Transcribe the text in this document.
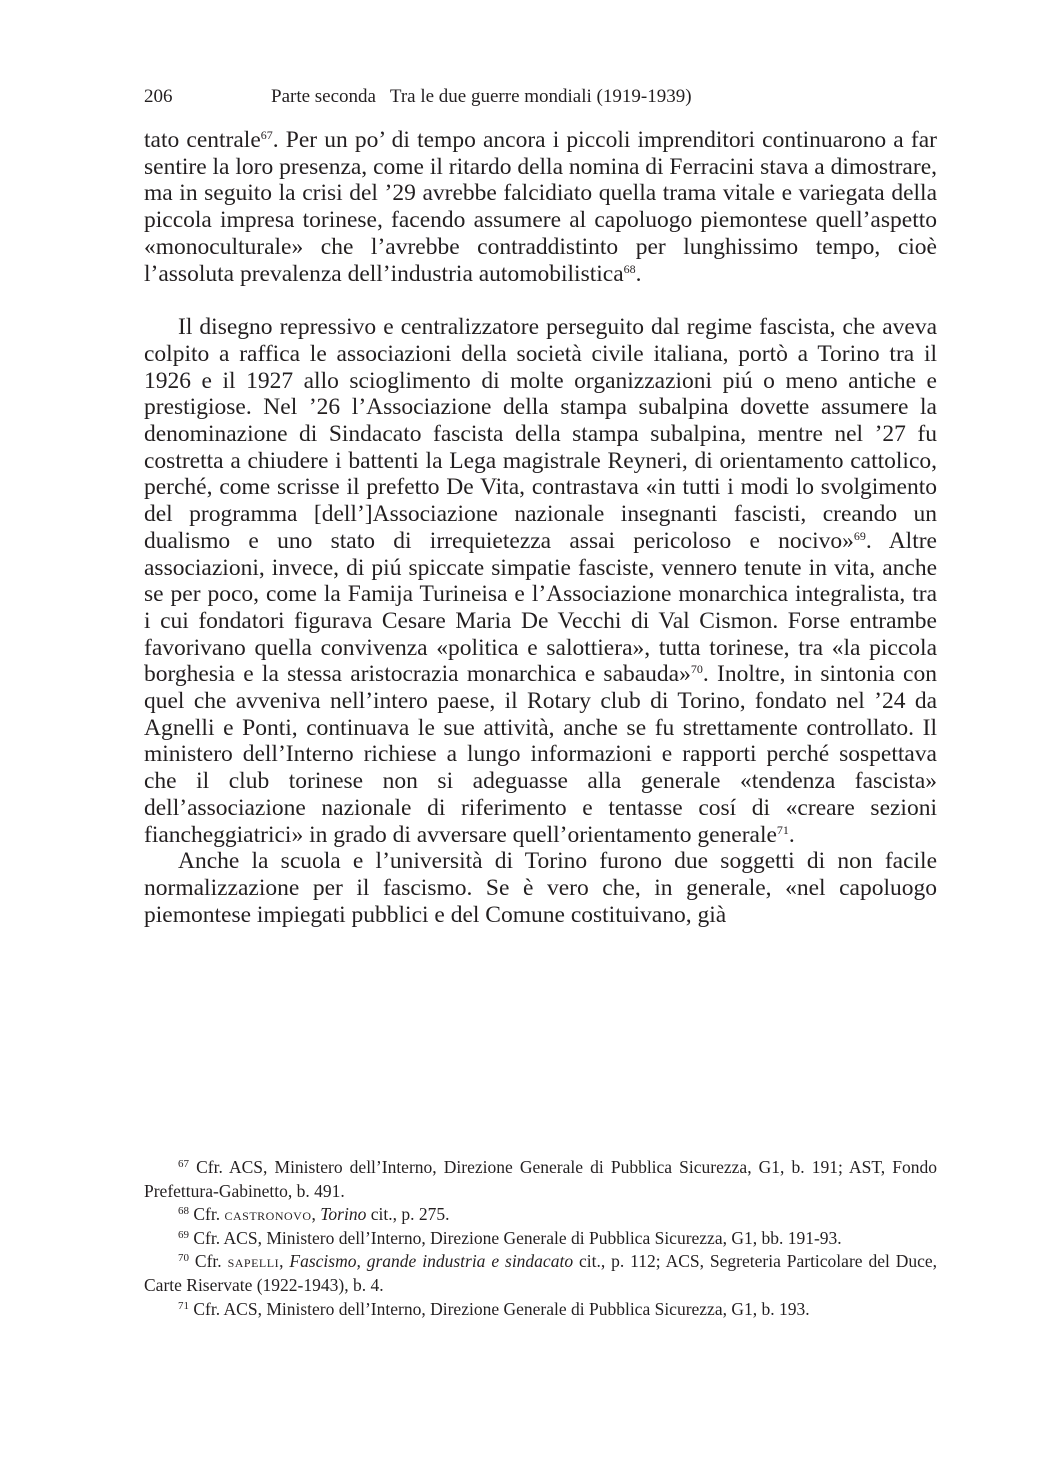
206	Parte seconda   Tra le due guerre mondiali (1919-1939)

tato centrale$^{67}$. Per un po’ di tempo ancora i piccoli imprenditori continuarono a far sentire la loro presenza, come il ritardo della nomina di Ferracini stava a dimostrare, ma in seguito la crisi del ’29 avrebbe falcidiato quella trama vitale e variegata della piccola impresa torinese, facendo assumere al capoluogo piemontese quell’aspetto «monoculturale» che l’avrebbe contraddistinto per lunghissimo tempo, cioè l’assoluta prevalenza dell’industria automobilistica$^{68}$.

Il disegno repressivo e centralizzatore perseguito dal regime fascista, che aveva colpito a raffica le associazioni della società civile italiana, portò a Torino tra il 1926 e il 1927 allo scioglimento di molte organizzazioni piú o meno antiche e prestigiose. Nel ’26 l’Associazione della stampa subalpina dovette assumere la denominazione di Sindacato fascista della stampa subalpina, mentre nel ’27 fu costretta a chiudere i battenti la Lega magistrale Reyneri, di orientamento cattolico, perché, come scrisse il prefetto De Vita, contrastava «in tutti i modi lo svolgimento del programma [dell’]Associazione nazionale insegnanti fascisti, creando un dualismo e uno stato di irrequietezza assai pericoloso e nocivo»$^{69}$. Altre associazioni, invece, di piú spiccate simpatie fasciste, vennero tenute in vita, anche se per poco, come la Famija Turineisa e l’Associazione monarchica integralista, tra i cui fondatori figurava Cesare Maria De Vecchi di Val Cismon. Forse entrambe favorivano quella convivenza «politica e salottiera», tutta torinese, tra «la piccola borghesia e la stessa aristocrazia monarchica e sabauda»$^{70}$. Inoltre, in sintonia con quel che avveniva nell’intero paese, il Rotary club di Torino, fondato nel ’24 da Agnelli e Ponti, continuava le sue attività, anche se fu strettamente controllato. Il ministero dell’Interno richiese a lungo informazioni e rapporti perché sospettava che il club torinese non si adeguasse alla generale «tendenza fascista» dell’associazione nazionale di riferimento e tentasse cosí di «creare sezioni fiancheggiatrici» in grado di avversare quell’orientamento generale$^{71}$.

Anche la scuola e l’università di Torino furono due soggetti di non facile normalizzazione per il fascismo. Se è vero che, in generale, «nel capoluogo piemontese impiegati pubblici e del Comune costituivano, già

$^{67}$ Cfr. ACS, Ministero dell’Interno, Direzione Generale di Pubblica Sicurezza, G1, b. 191; AST, Fondo Prefettura-Gabinetto, b. 491.

$^{68}$ Cfr. castronovo, Torino cit., p. 275.

$^{69}$ Cfr. ACS, Ministero dell’Interno, Direzione Generale di Pubblica Sicurezza, G1, bb. 191-93.

$^{70}$ Cfr. sapelli, Fascismo, grande industria e sindacato cit., p. 112; ACS, Segreteria Particolare del Duce, Carte Riservate (1922-1943), b. 4.

$^{71}$ Cfr. ACS, Ministero dell’Interno, Direzione Generale di Pubblica Sicurezza, G1, b. 193.
